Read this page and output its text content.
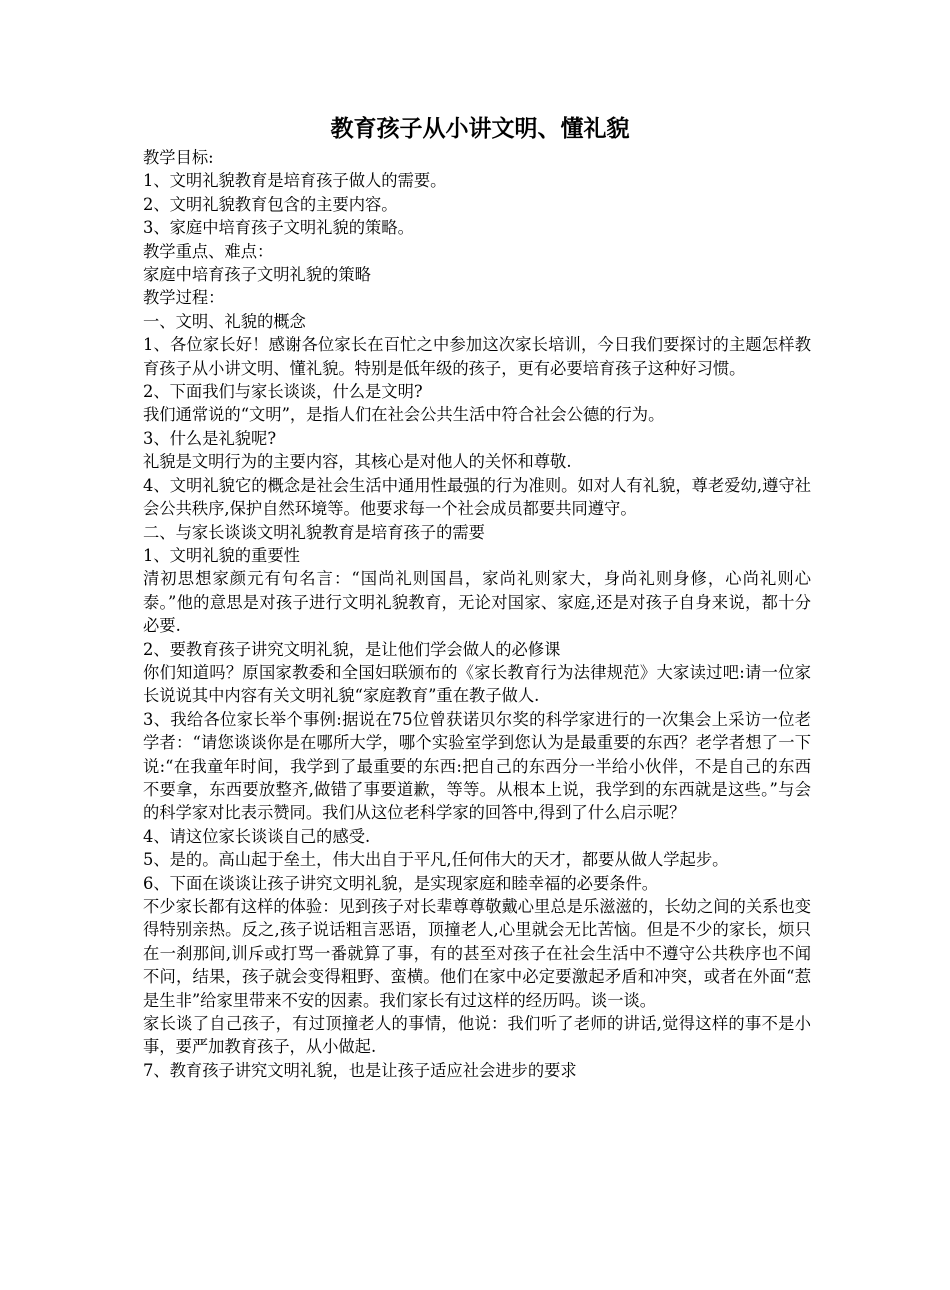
教育孩子从小讲文明、懂礼貌

教学目标:

1、文明礼貌教育是培育孩子做人的需要。

2、文明礼貌教育包含的主要内容。

3、家庭中培育孩子文明礼貌的策略。

教学重点、难点：

家庭中培育孩子文明礼貌的策略

教学过程：

一、文明、礼貌的概念

1、各位家长好！感谢各位家长在百忙之中参加这次家长培训，今日我们要探讨的主题怎样教育孩子从小讲文明、懂礼貌。特别是低年级的孩子，更有必要培育孩子这种好习惯。

2、下面我们与家长谈谈，什么是文明?

我们通常说的“文明”，是指人们在社会公共生活中符合社会公德的行为。

3、什么是礼貌呢?

礼貌是文明行为的主要内容，其核心是对他人的关怀和尊敬.

4、文明礼貌它的概念是社会生活中通用性最强的行为准则。如对人有礼貌，尊老爱幼,遵守社会公共秩序,保护自然环境等。他要求每一个社会成员都要共同遵守。

二、与家长谈谈文明礼貌教育是培育孩子的需要

1、文明礼貌的重要性

清初思想家颜元有句名言：“国尚礼则国昌，家尚礼则家大，身尚礼则身修，心尚礼则心泰。”他的意思是对孩子进行文明礼貌教育，无论对国家、家庭,还是对孩子自身来说，都十分必要.

2、要教育孩子讲究文明礼貌，是让他们学会做人的必修课

你们知道吗？原国家教委和全国妇联颁布的《家长教育行为法律规范》大家读过吧:请一位家长说说其中内容有关文明礼貌“家庭教育”重在教子做人.

3、我给各位家长举个事例:据说在75位曾获诺贝尔奖的科学家进行的一次集会上采访一位老学者：“请您谈谈你是在哪所大学，哪个实验室学到您认为是最重要的东西？老学者想了一下说:“在我童年时间，我学到了最重要的东西:把自己的东西分一半给小伙伴，不是自己的东西不要拿，东西要放整齐,做错了事要道歉，等等。从根本上说，我学到的东西就是这些。”与会的科学家对比表示赞同。我们从这位老科学家的回答中,得到了什么启示呢？

4、请这位家长谈谈自己的感受.

5、是的。高山起于垒土，伟大出自于平凡,任何伟大的天才，都要从做人学起步。

6、下面在谈谈让孩子讲究文明礼貌，是实现家庭和睦幸福的必要条件。

不少家长都有这样的体验：见到孩子对长辈尊尊敬戴心里总是乐滋滋的，长幼之间的关系也变得特别亲热。反之,孩子说话粗言恶语，顶撞老人,心里就会无比苦恼。但是不少的家长，烦只在一刹那间,训斥或打骂一番就算了事，有的甚至对孩子在社会生活中不遵守公共秩序也不闻不问，结果，孩子就会变得粗野、蛮横。他们在家中必定要激起矛盾和冲突，或者在外面“惹是生非”给家里带来不安的因素。我们家长有过这样的经历吗。谈一谈。

家长谈了自己孩子，有过顶撞老人的事情，他说：我们听了老师的讲话,觉得这样的事不是小事，要严加教育孩子，从小做起.

7、教育孩子讲究文明礼貌，也是让孩子适应社会进步的要求
